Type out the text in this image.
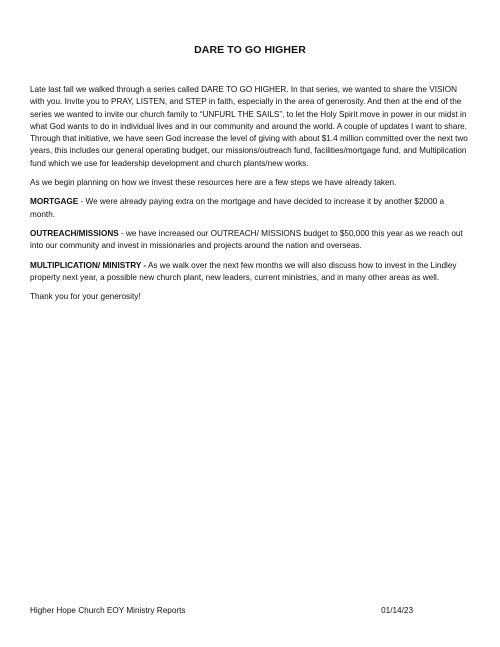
DARE TO GO HIGHER

Late last fall we walked through a series called DARE TO GO HIGHER. In that series, we wanted to share the VISION with you. Invite you to PRAY, LISTEN, and STEP in faith, especially in the area of generosity. And then at the end of the series we wanted to invite our church family to “UNFURL THE SAILS”, to let the Holy Spirit move in power in our midst in what God wants to do in individual lives and in our community and around the world. A couple of updates I want to share. Through that initiative, we have seen God increase the level of giving with about $1.4 million committed over the next two years, this includes our general operating budget, our missions/outreach fund, facilities/mortgage fund, and Multiplication fund which we use for leadership development and church plants/new works.

As we begin planning on how we invest these resources here are a few steps we have already taken.

MORTGAGE - We were already paying extra on the mortgage and have decided to increase it by another $2000 a month.

OUTREACH/MISSIONS - we have increased our OUTREACH/ MISSIONS budget to $50,000 this year as we reach out into our community and invest in missionaries and projects around the nation and overseas.

MULTIPLICATION/ MINISTRY - As we walk over the next few months we will also discuss how to invest in the Lindley property next year, a possible new church plant, new leaders, current ministries, and in many other areas as well.

Thank you for your generosity!

Higher Hope Church EOY Ministry Reports	01/14/23
